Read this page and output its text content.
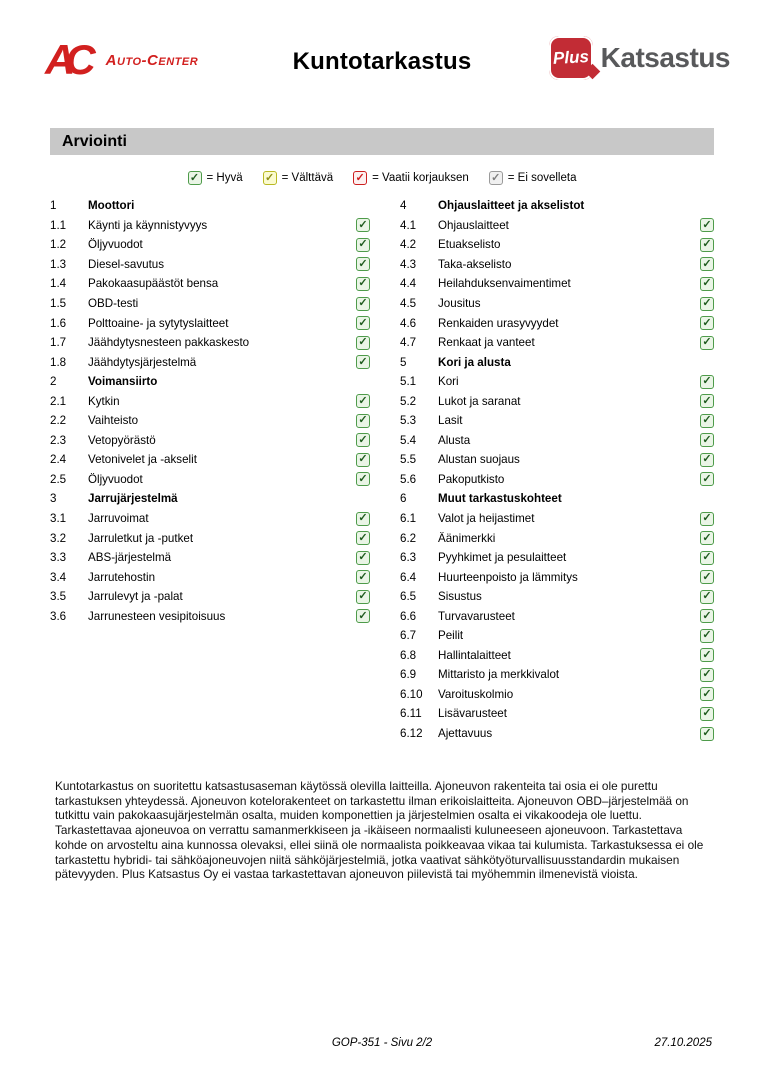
AC	Auto-Center	Kuntotarkastus	Plus Katsastus
Arviointi
✓ = Hyvä ✓ = Välttävä ✓ = Vaatii korjauksen ✓ = Ei sovelleta
1	Moottori
1.1	Käynti ja käynnistyvyys	✓
1.2	Öljyvuodot	✓
1.3	Diesel-savutus	✓
1.4	Pakokaasupäästöt bensa	✓
1.5	OBD-testi	✓
1.6	Polttoaine- ja sytytyslaitteet	✓
1.7	Jäähdytysnesteen pakkaskesto	✓
1.8	Jäähdytysjärjestelmä	✓
2	Voimansiirto
2.1	Kytkin	✓
2.2	Vaihteisto	✓
2.3	Vetopyörästö	✓
2.4	Vetonivelet ja -akselit	✓
2.5	Öljyvuodot	✓
3	Jarrujärjestelmä
3.1	Jarruvoimat	✓
3.2	Jarruletkut ja -putket	✓
3.3	ABS-järjestelmä	✓
3.4	Jarrutehostin	✓
3.5	Jarrulevyt ja -palat	✓
3.6	Jarrunesteen vesipitoisuus	✓
4	Ohjauslaitteet ja akselistot
4.1	Ohjauslaitteet	✓
4.2	Etuakselisto	✓
4.3	Taka-akselisto	✓
4.4	Heilahduksenvaimentimet	✓
4.5	Jousitus	✓
4.6	Renkaiden urasyvyydet	✓
4.7	Renkaat ja vanteet	✓
5	Kori ja alusta
5.1	Kori	✓
5.2	Lukot ja saranat	✓
5.3	Lasit	✓
5.4	Alusta	✓
5.5	Alustan suojaus	✓
5.6	Pakoputkisto	✓
6	Muut tarkastuskohteet
6.1	Valot ja heijastimet	✓
6.2	Äänimerkki	✓
6.3	Pyyhkimet ja pesulaitteet	✓
6.4	Huurteenpoisto ja lämmitys	✓
6.5	Sisustus	✓
6.6	Turvavarusteet	✓
6.7	Peilit	✓
6.8	Hallintalaitteet	✓
6.9	Mittaristo ja merkkivalot	✓
6.10	Varoituskolmio	✓
6.11	Lisävarusteet	✓
6.12	Ajettavuus	✓
Kuntotarkastus on suoritettu katsastusaseman käytössä olevilla laitteilla. Ajoneuvon rakenteita tai osia ei ole purettu tarkastuksen yhteydessä. Ajoneuvon kotelorakenteet on tarkastettu ilman erikoislaitteita. Ajoneuvon OBD–järjestelmää on tutkittu vain pakokaasujärjestelmän osalta, muiden komponettien ja järjestelmien osalta ei vikakoodeja ole luettu. Tarkastettavaa ajoneuvoa on verrattu samanmerkkiseen ja -ikäiseen normaalisti kuluneeseen ajoneuvoon. Tarkastettava kohde on arvosteltu aina kunnossa olevaksi, ellei siinä ole normaalista poikkeavaa vikaa tai kulumista. Tarkastuksessa ei ole tarkastettu hybridi- tai sähköajoneuvojen niitä sähköjärjestelmiä, jotka vaativat sähkötyöturvallisuusstandardin mukaisen pätevyyden. Plus Katsastus Oy ei vastaa tarkastettavan ajoneuvon piilevistä tai myöhemmin ilmenevistä vioista.
GOP-351 - Sivu 2/2	27.10.2025
